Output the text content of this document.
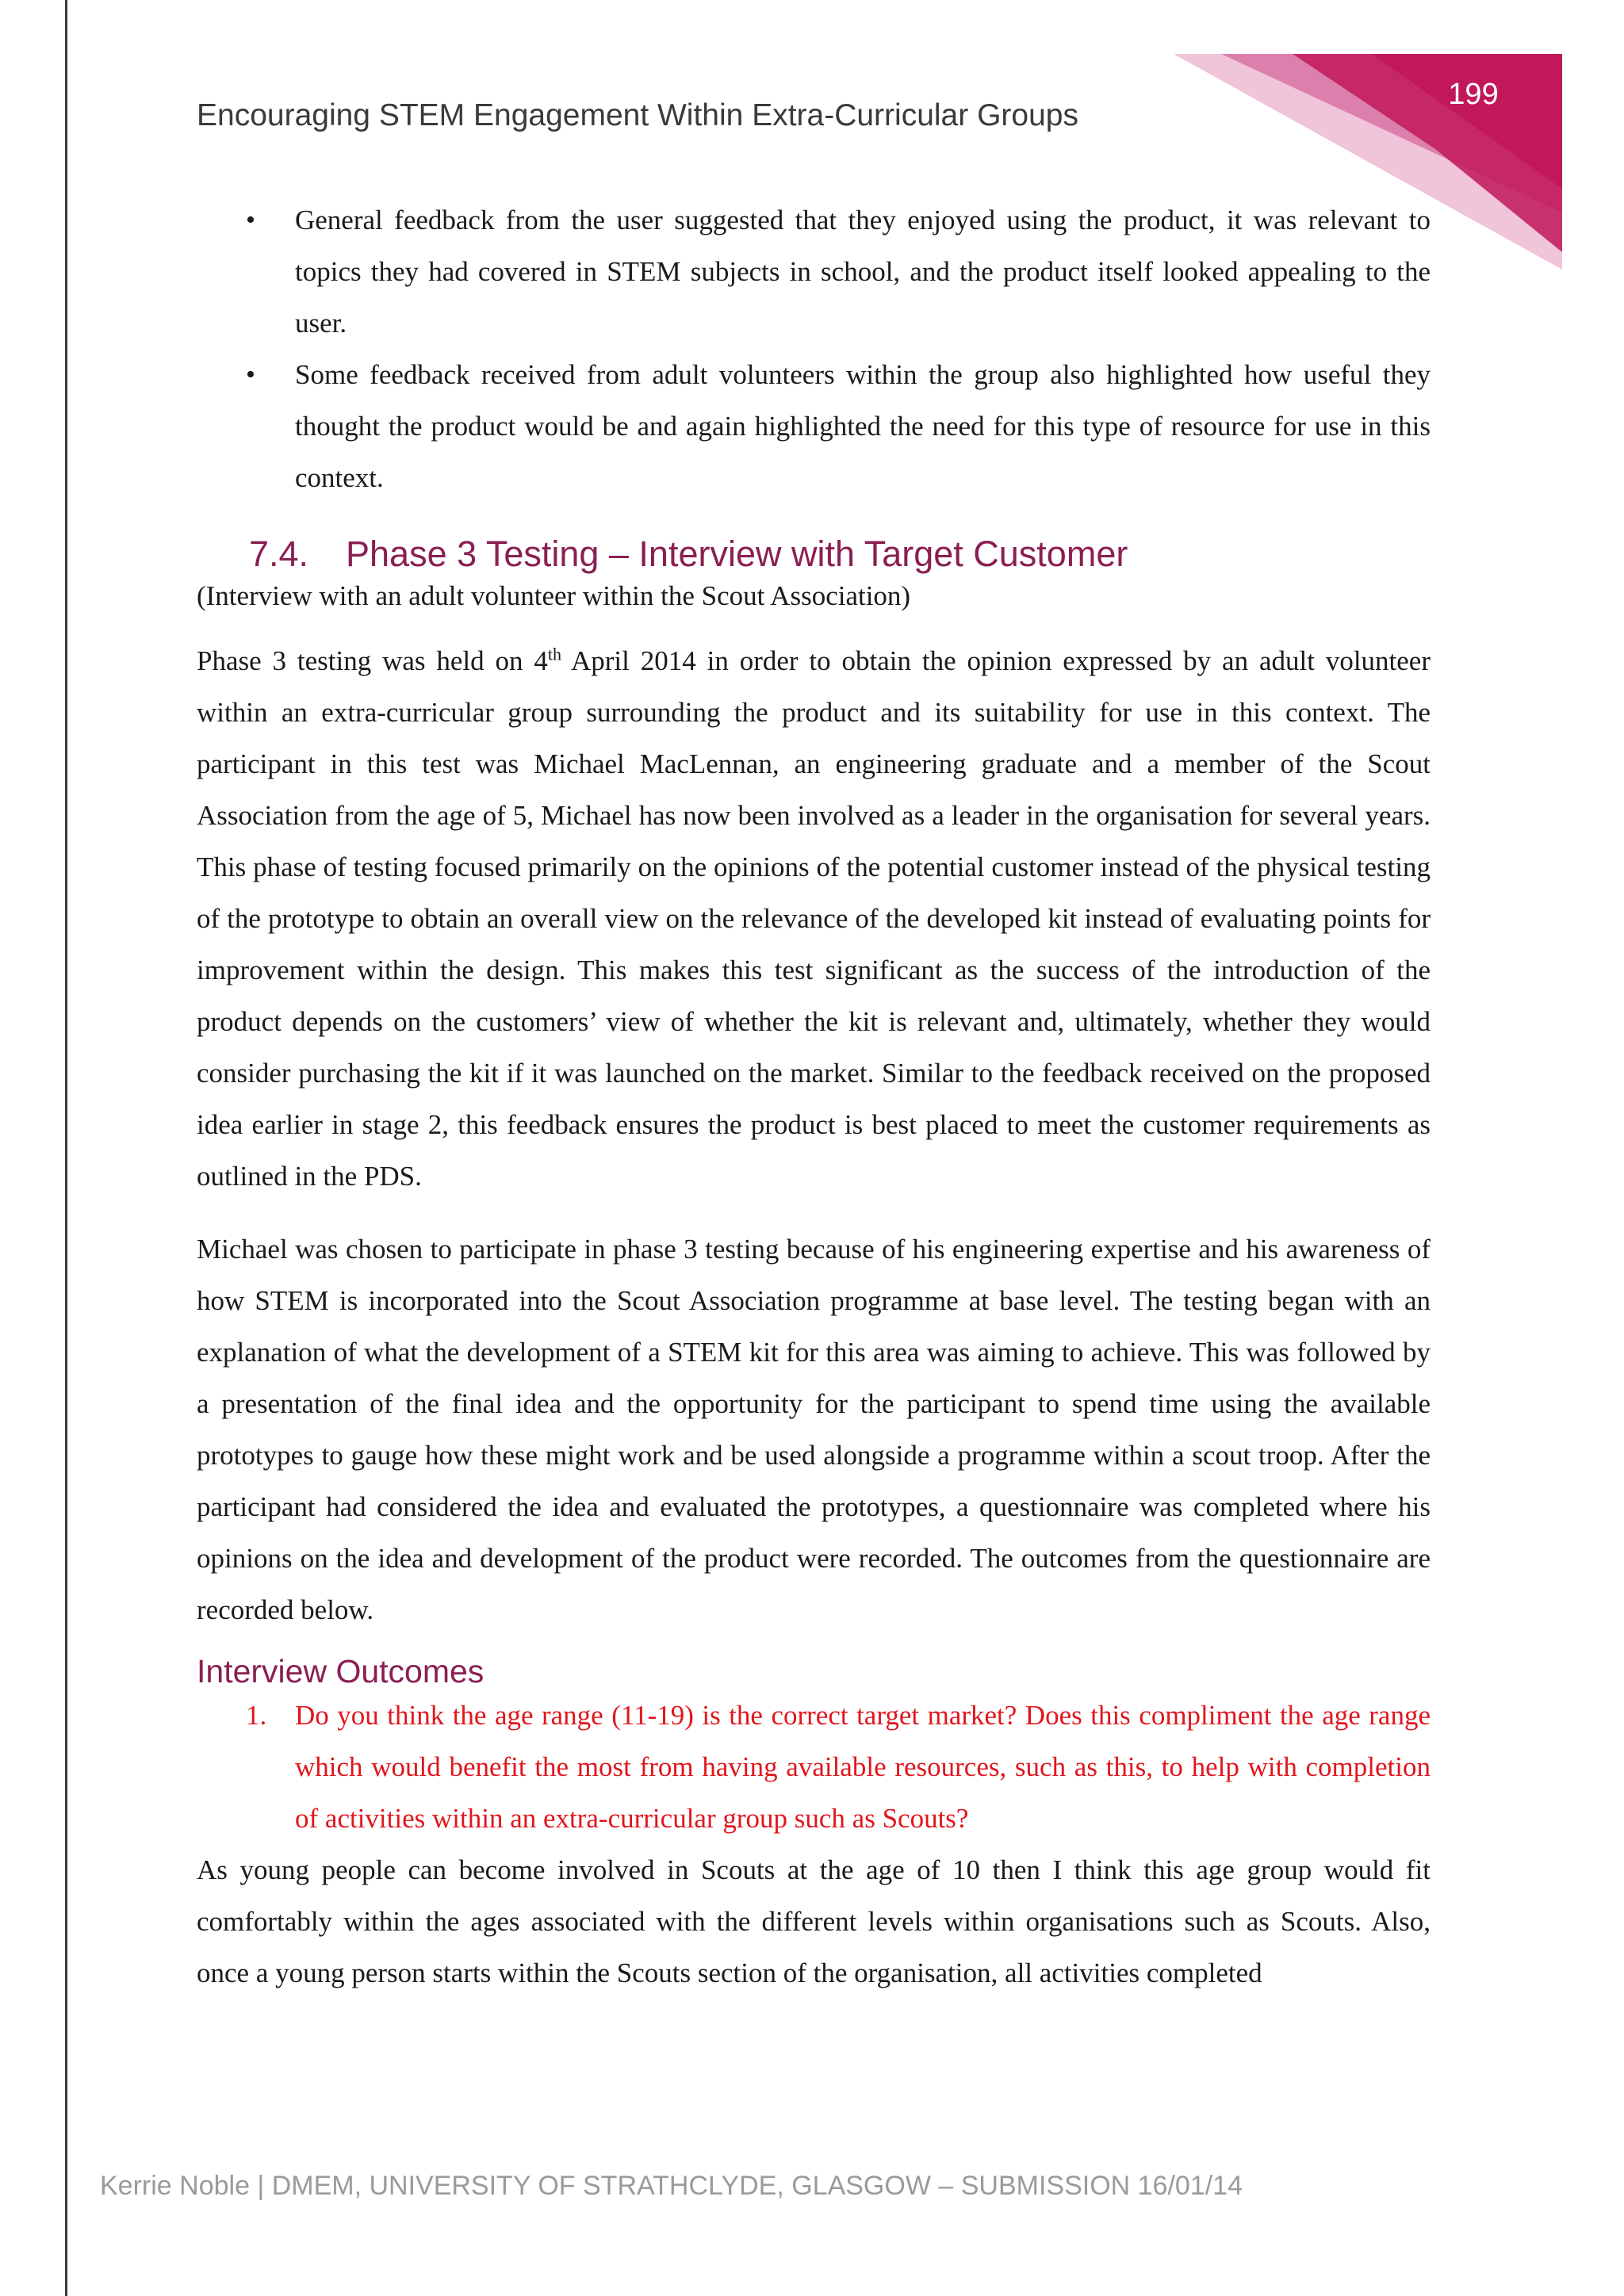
199
Encouraging STEM Engagement Within Extra-Curricular Groups
• General feedback from the user suggested that they enjoyed using the product, it was relevant to topics they had covered in STEM subjects in school, and the product itself looked appealing to the user.
• Some feedback received from adult volunteers within the group also highlighted how useful they thought the product would be and again highlighted the need for this type of resource for use in this context.
7.4.	Phase 3 Testing – Interview with Target Customer

(Interview with an adult volunteer within the Scout Association)

Phase 3 testing was held on 4th April 2014 in order to obtain the opinion expressed by an adult volunteer within an extra-curricular group surrounding the product and its suitability for use in this context. The participant in this test was Michael MacLennan, an engineering graduate and a member of the Scout Association from the age of 5, Michael has now been involved as a leader in the organisation for several years. This phase of testing focused primarily on the opinions of the potential customer instead of the physical testing of the prototype to obtain an overall view on the relevance of the developed kit instead of evaluating points for improvement within the design. This makes this test significant as the success of the introduction of the product depends on the customers’ view of whether the kit is relevant and, ultimately, whether they would consider purchasing the kit if it was launched on the market. Similar to the feedback received on the proposed idea earlier in stage 2, this feedback ensures the product is best placed to meet the customer requirements as outlined in the PDS.

Michael was chosen to participate in phase 3 testing because of his engineering expertise and his awareness of how STEM is incorporated into the Scout Association programme at base level. The testing began with an explanation of what the development of a STEM kit for this area was aiming to achieve. This was followed by a presentation of the final idea and the opportunity for the participant to spend time using the available prototypes to gauge how these might work and be used alongside a programme within a scout troop. After the participant had considered the idea and evaluated the prototypes, a questionnaire was completed where his opinions on the idea and development of the product were recorded. The outcomes from the questionnaire are recorded below.

Interview Outcomes
1. Do you think the age range (11-19) is the correct target market? Does this compliment the age range which would benefit the most from having available resources, such as this, to help with completion of activities within an extra-curricular group such as Scouts?

As young people can become involved in Scouts at the age of 10 then I think this age group would fit comfortably within the ages associated with the different levels within organisations such as Scouts. Also, once a young person starts within the Scouts section of the organisation, all activities completed

Kerrie Noble | DMEM, UNIVERSITY OF STRATHCLYDE, GLASGOW – SUBMISSION 16/01/14
